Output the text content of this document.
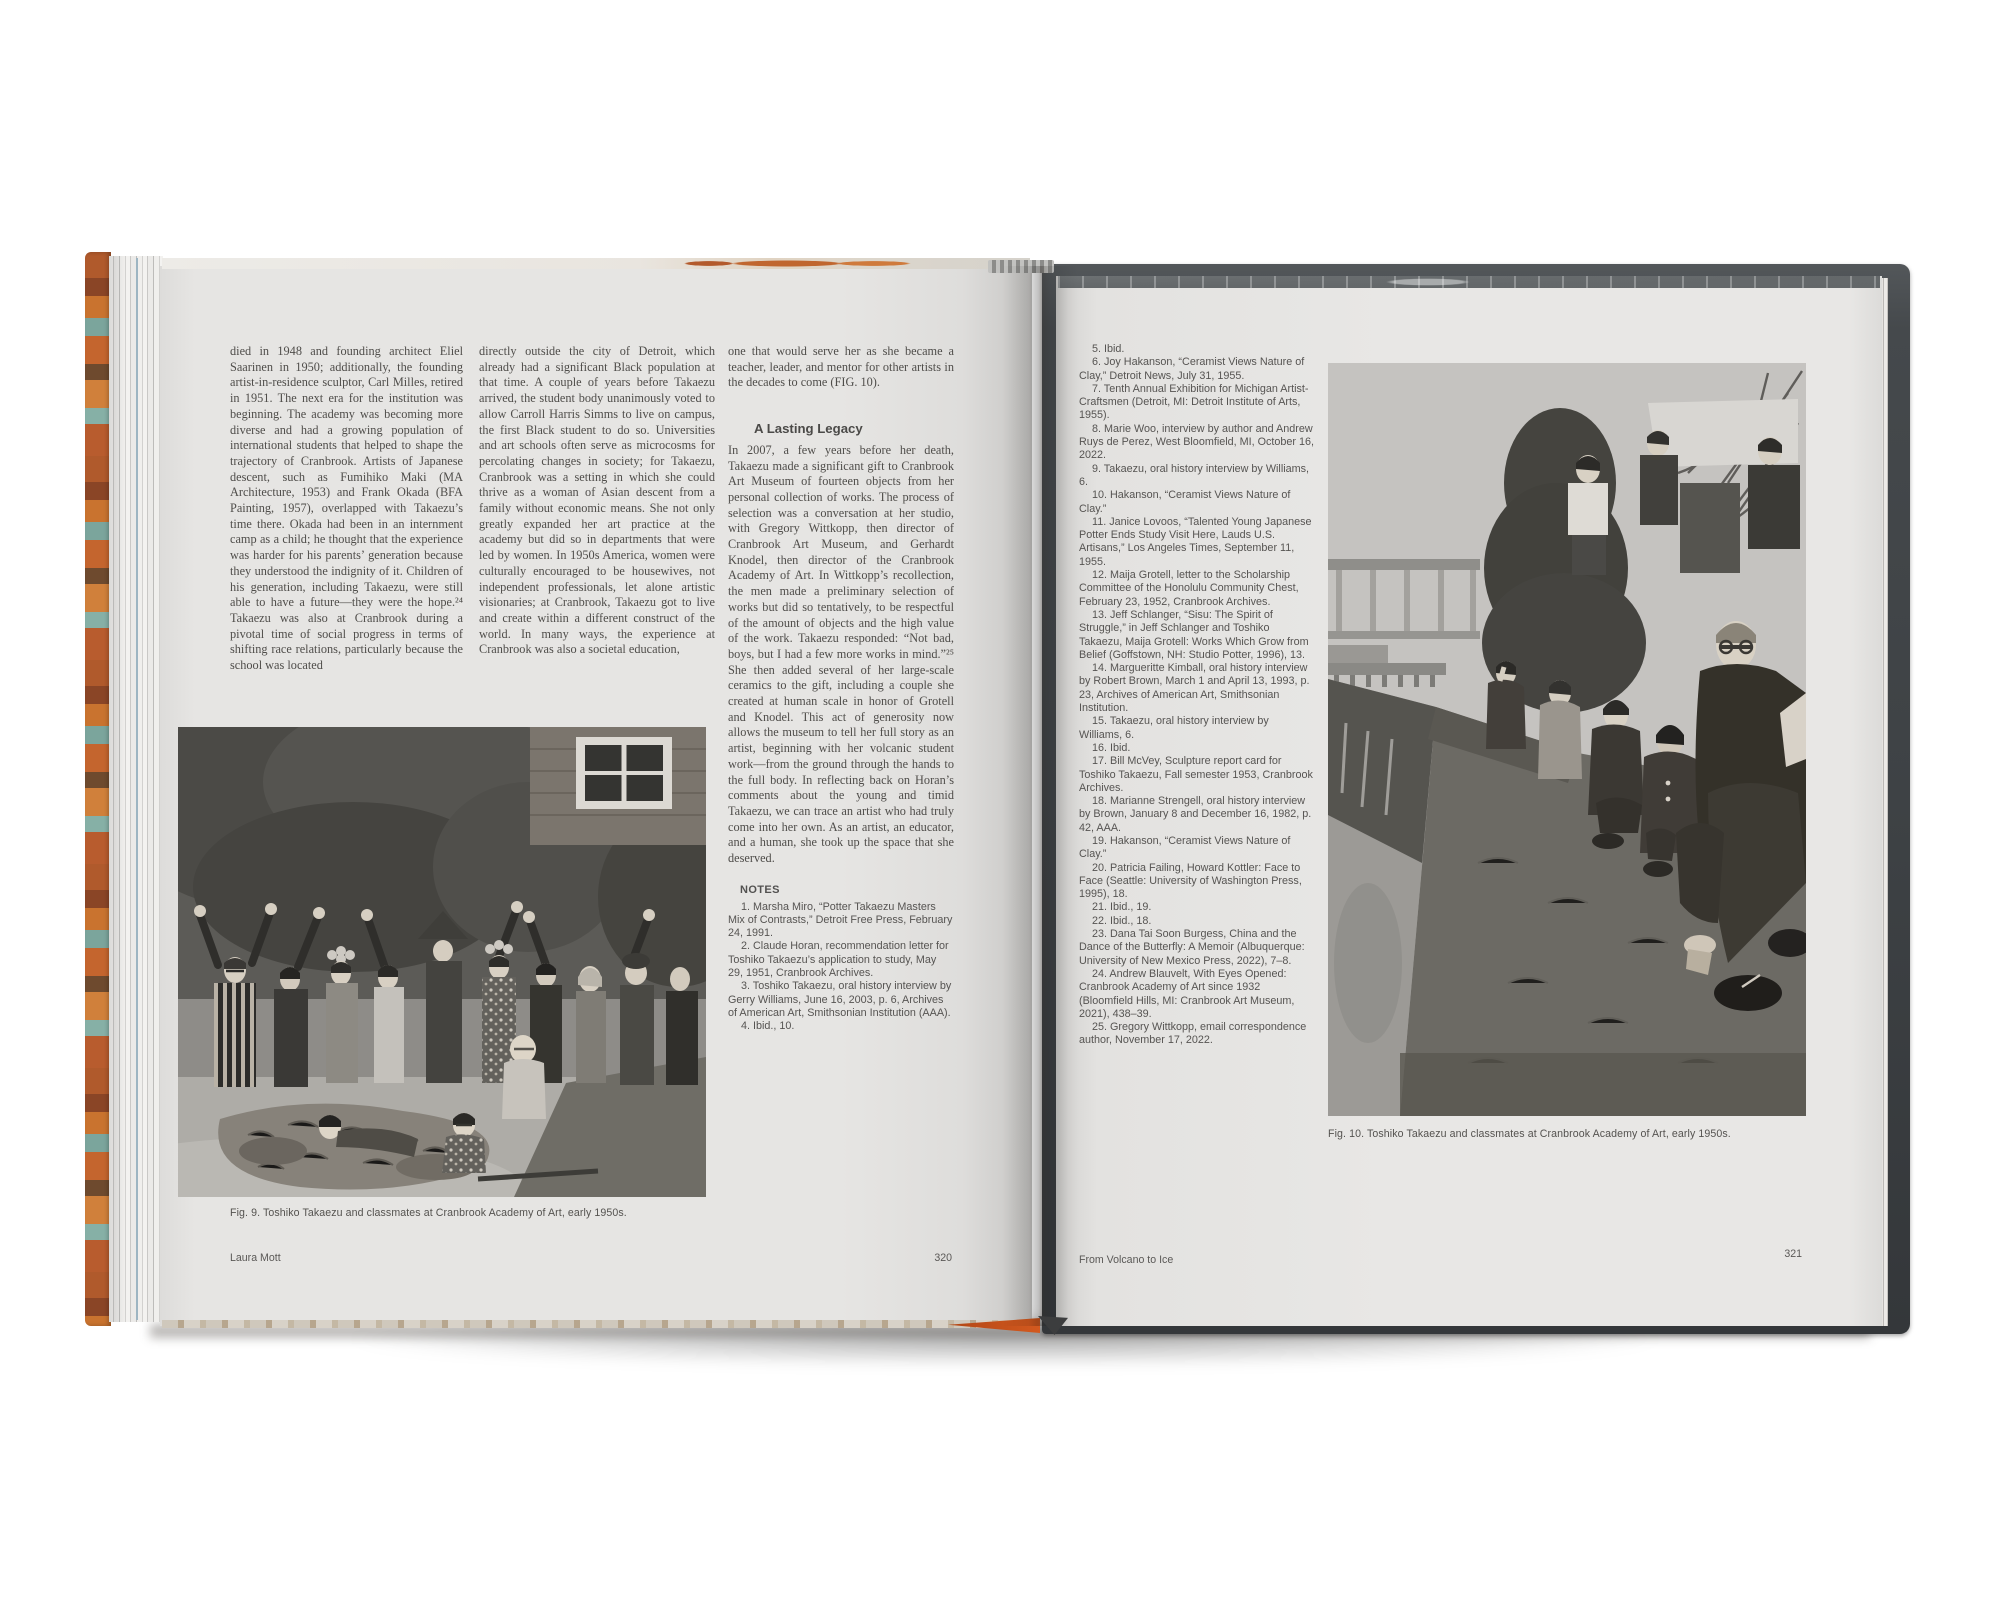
died in 1948 and founding architect Eliel Saarinen in 1950; additionally, the founding artist-in-residence sculptor, Carl Milles, retired in 1951. The next era for the institution was beginning. The academy was becoming more diverse and had a growing population of international students that helped to shape the trajectory of Cranbrook. Artists of Japanese descent, such as Fumihiko Maki (MA Architecture, 1953) and Frank Okada (BFA Painting, 1957), overlapped with Takaezu’s time there. Okada had been in an internment camp as a child; he thought that the experience was harder for his parents’ generation because they understood the indignity of it. Children of his generation, including Takaezu, were still able to have a future—they were the hope.²⁴ Takaezu was also at Cranbrook during a pivotal time of social progress in terms of shifting race relations, particularly because the school was located

directly outside the city of Detroit, which already had a significant Black population at that time. A couple of years before Takaezu arrived, the student body unanimously voted to allow Carroll Harris Simms to live on campus, the first Black student to do so. Universities and art schools often serve as microcosms for percolating changes in society; for Takaezu, Cranbrook was a setting in which she could thrive as a woman of Asian descent from a family without economic means. She not only greatly expanded her art practice at the academy but did so in departments that were led by women. In 1950s America, women were culturally encouraged to be housewives, not independent professionals, let alone artistic visionaries; at Cranbrook, Takaezu got to live and create within a different construct of the world. In many ways, the experience at Cranbrook was also a societal education,

one that would serve her as she became a teacher, leader, and mentor for other artists in the decades to come (FIG. 10).

A Lasting Legacy

In 2007, a few years before her death, Takaezu made a significant gift to Cranbrook Art Museum of fourteen objects from her personal collection of works. The process of selection was a conversation at her studio, with Gregory Wittkopp, then director of Cranbrook Art Museum, and Gerhardt Knodel, then director of the Cranbrook Academy of Art. In Wittkopp’s recollection, the men made a preliminary selection of works but did so tentatively, to be respectful of the amount of objects and the high value of the work. Takaezu responded: “Not bad, boys, but I had a few more works in mind.”²⁵ She then added several of her large-scale ceramics to the gift, including a couple she created at human scale in honor of Grotell and Knodel. This act of generosity now allows the museum to tell her full story as an artist, beginning with her volcanic student work—from the ground through the hands to the full body. In reflecting back on Horan’s comments about the young and timid Takaezu, we can trace an artist who had truly come into her own. As an artist, an educator, and a human, she took up the space that she deserved.

NOTES

1. Marsha Miro, “Potter Takaezu Masters Mix of Contrasts,” Detroit Free Press, February 24, 1991.

2. Claude Horan, recommendation letter for Toshiko Takaezu’s application to study, May 29, 1951, Cranbrook Archives.

3. Toshiko Takaezu, oral history interview by Gerry Williams, June 16, 2003, p. 6, Archives of American Art, Smithsonian Institution (AAA).

4. Ibid., 10.

Fig. 9. Toshiko Takaezu and classmates at Cranbrook Academy of Art, early 1950s.
Laura Mott	320

5. Ibid.

6. Joy Hakanson, “Ceramist Views Nature of Clay,” Detroit News, July 31, 1955.

7. Tenth Annual Exhibition for Michigan Artist-Craftsmen (Detroit, MI: Detroit Institute of Arts, 1955).

8. Marie Woo, interview by author and Andrew Ruys de Perez, West Bloomfield, MI, October 16, 2022.

9. Takaezu, oral history interview by Williams, 6.

10. Hakanson, “Ceramist Views Nature of Clay.”

11. Janice Lovoos, “Talented Young Japanese Potter Ends Study Visit Here, Lauds U.S. Artisans,” Los Angeles Times, September 11, 1955.

12. Maija Grotell, letter to the Scholarship Committee of the Honolulu Community Chest, February 23, 1952, Cranbrook Archives.

13. Jeff Schlanger, “Sisu: The Spirit of Struggle,” in Jeff Schlanger and Toshiko Takaezu, Maija Grotell: Works Which Grow from Belief (Goffstown, NH: Studio Potter, 1996), 13.

14. Margueritte Kimball, oral history interview by Robert Brown, March 1 and April 13, 1993, p. 23, Archives of American Art, Smithsonian Institution.

15. Takaezu, oral history interview by Williams, 6.

16. Ibid.

17. Bill McVey, Sculpture report card for Toshiko Takaezu, Fall semester 1953, Cranbrook Archives.

18. Marianne Strengell, oral history interview by Brown, January 8 and December 16, 1982, p. 42, AAA.

19. Hakanson, “Ceramist Views Nature of Clay.”

20. Patricia Failing, Howard Kottler: Face to Face (Seattle: University of Washington Press, 1995), 18.

21. Ibid., 19.

22. Ibid., 18.

23. Dana Tai Soon Burgess, China and the Dance of the Butterfly: A Memoir (Albuquerque: University of New Mexico Press, 2022), 7–8.

24. Andrew Blauvelt, With Eyes Opened: Cranbrook Academy of Art since 1932 (Bloomfield Hills, MI: Cranbrook Art Museum, 2021), 438–39.

25. Gregory Wittkopp, email correspondence author, November 17, 2022.

Fig. 10. Toshiko Takaezu and classmates at Cranbrook Academy of Art, early 1950s.
From Volcano to Ice	321
